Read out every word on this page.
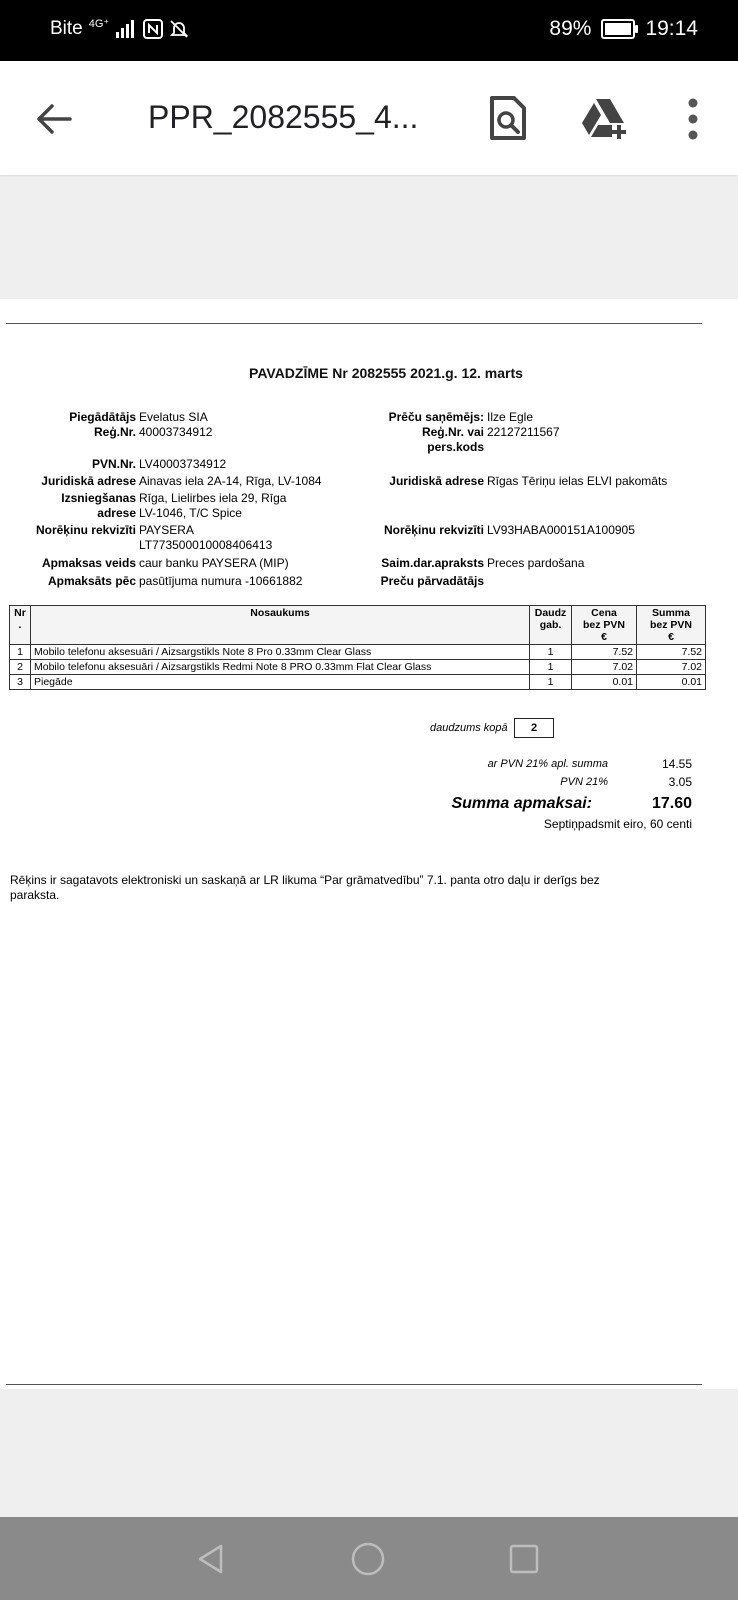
Bite 4G⁺	89%	19:14
PPR_2082555_4...
PAVADZĪME Nr 2082555 2021.g. 12. marts
Piegādātājs Evelatus SIA
Reģ.Nr. 40003734912
PVN.Nr. LV40003734912
Juridiskā adrese Ainavas iela 2A-14, Rīga, LV-1084
Izsniegšanas
adrese
Rīga, Lielirbes iela 29, Rīga
LV-1046, T/C Spice
Norēķinu rekvizīti PAYSERA
LT773500010008406413
Apmaksas veids caur banku PAYSERA (MIP)
Apmaksāts pēc pasūtījuma numura -10661882
Prēču saņēmējs: Ilze Egle
Reģ.Nr. vai
pers.kods
22127211567
Juridiskā adrese Rīgas Tēriņu ielas ELVI pakomāts
Norēķinu rekvizīti LV93HABA000151A100905
Saim.dar.apraksts Preces pardošana
Preču pārvadātājs
Nr
.	Nosaukums	Daudz
gab.	Cena
bez PVN
€	Summa
bez PVN
€
1	Mobilo telefonu aksesuāri / Aizsargstikls Note 8 Pro 0.33mm Clear Glass	1	7.52	7.52
2	Mobilo telefonu aksesuāri / Aizsargstikls Redmi Note 8 PRO 0.33mm Flat Clear Glass	1	7.02	7.02
3	Piegāde	1	0.01	0.01
daudzums kopā	2
ar PVN 21% apl. summa	14.55
PVN 21%	3.05
Summa apmaksai:	17.60
Septiņpadsmit eiro, 60 centi
Rēķins ir sagatavots elektroniski un saskaņā ar LR likuma “Par grāmatvedību” 7.1. panta otro daļu ir derīgs bez
paraksta.
